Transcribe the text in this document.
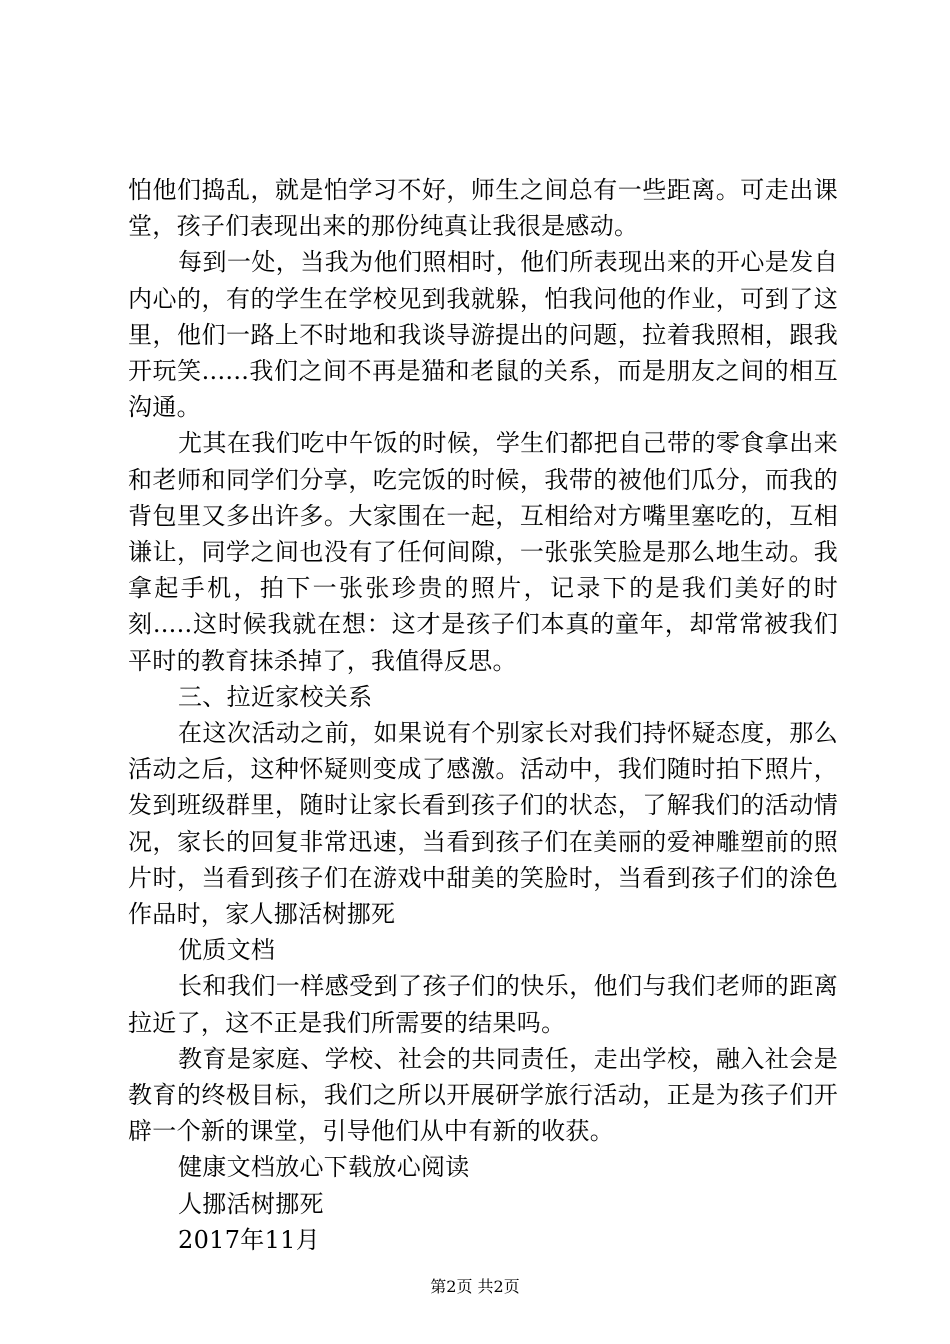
怕他们捣乱，就是怕学习不好，师生之间总有一些距离。可走出课堂，孩子们表现出来的那份纯真让我很是感动。

每到一处，当我为他们照相时，他们所表现出来的开心是发自内心的，有的学生在学校见到我就躲，怕我问他的作业，可到了这里，他们一路上不时地和我谈导游提出的问题，拉着我照相，跟我开玩笑......我们之间不再是猫和老鼠的关系，而是朋友之间的相互沟通。

尤其在我们吃中午饭的时候，学生们都把自己带的零食拿出来和老师和同学们分享，吃完饭的时候，我带的被他们瓜分，而我的背包里又多出许多。大家围在一起，互相给对方嘴里塞吃的，互相谦让，同学之间也没有了任何间隙，一张张笑脸是那么地生动。我拿起手机，拍下一张张珍贵的照片，记录下的是我们美好的时刻.....这时候我就在想：这才是孩子们本真的童年，却常常被我们平时的教育抹杀掉了，我值得反思。

三、拉近家校关系

在这次活动之前，如果说有个别家长对我们持怀疑态度，那么活动之后，这种怀疑则变成了感激。活动中，我们随时拍下照片，发到班级群里，随时让家长看到孩子们的状态，了解我们的活动情况，家长的回复非常迅速，当看到孩子们在美丽的爱神雕塑前的照片时，当看到孩子们在游戏中甜美的笑脸时，当看到孩子们的涂色作品时，家人挪活树挪死

优质文档

长和我们一样感受到了孩子们的快乐，他们与我们老师的距离拉近了，这不正是我们所需要的结果吗。

教育是家庭、学校、社会的共同责任，走出学校，融入社会是教育的终极目标，我们之所以开展研学旅行活动，正是为孩子们开辟一个新的课堂，引导他们从中有新的收获。

健康文档放心下载放心阅读

人挪活树挪死

2017年11月

第2页 共2页
